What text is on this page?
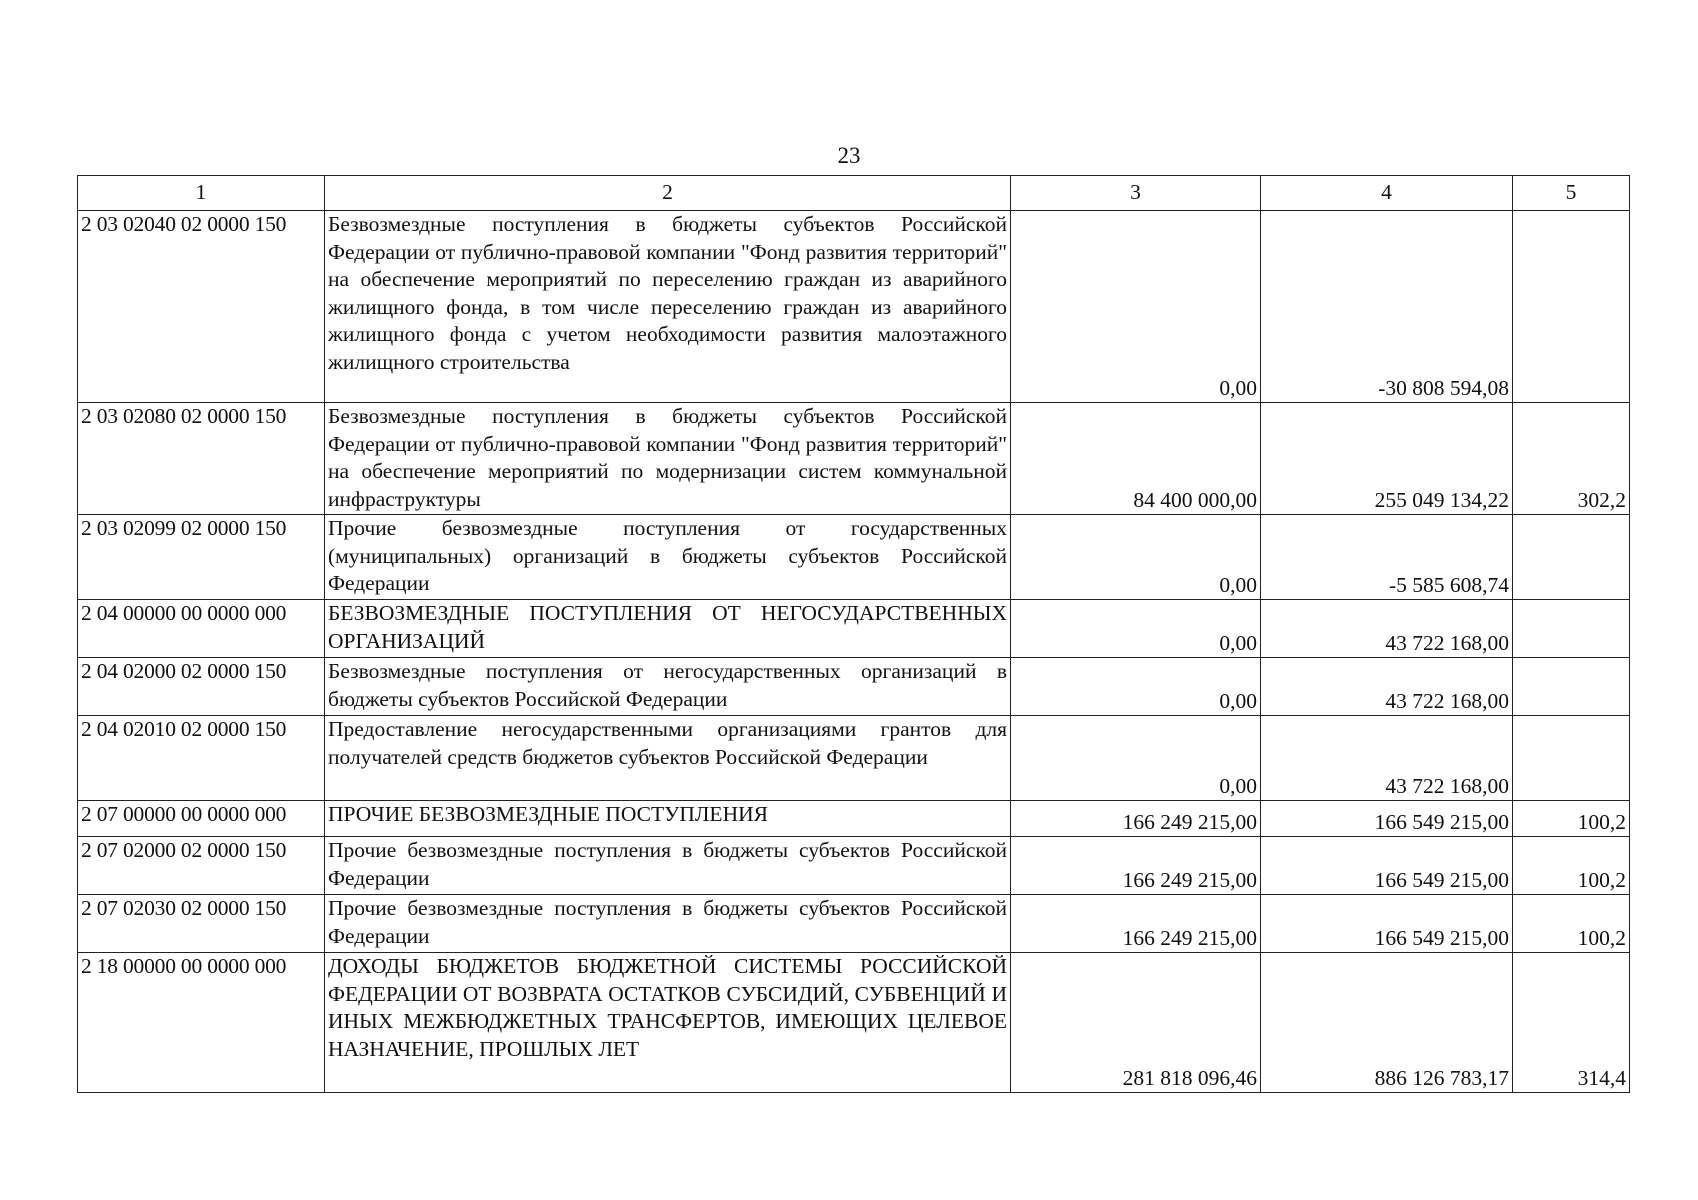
23
1	2	3	4	5
2 03 02040 02 0000 150	Безвозмездные поступления в бюджеты субъектов Российской Федерации от публично-правовой компании "Фонд развития территорий" на обеспечение мероприятий по переселению граждан из аварийного жилищного фонда, в том числе переселению граждан из аварийного жилищного фонда с учетом необходимости развития малоэтажного жилищного строительства	0,00	-30 808 594,08	
2 03 02080 02 0000 150	Безвозмездные поступления в бюджеты субъектов Российской Федерации от публично-правовой компании "Фонд развития территорий" на обеспечение мероприятий по модернизации систем коммунальной инфраструктуры	84 400 000,00	255 049 134,22	302,2
2 03 02099 02 0000 150	Прочие безвозмездные поступления от государственных (муниципальных) организаций в бюджеты субъектов Российской Федерации	0,00	-5 585 608,74	
2 04 00000 00 0000 000	БЕЗВОЗМЕЗДНЫЕ ПОСТУПЛЕНИЯ ОТ НЕГОСУДАРСТВЕННЫХ ОРГАНИЗАЦИЙ	0,00	43 722 168,00	
2 04 02000 02 0000 150	Безвозмездные поступления от негосударственных организаций в бюджеты субъектов Российской Федерации	0,00	43 722 168,00	
2 04 02010 02 0000 150	Предоставление негосударственными организациями грантов для получателей средств бюджетов субъектов Российской Федерации	0,00	43 722 168,00	
2 07 00000 00 0000 000	ПРОЧИЕ БЕЗВОЗМЕЗДНЫЕ ПОСТУПЛЕНИЯ	166 249 215,00	166 549 215,00	100,2
2 07 02000 02 0000 150	Прочие безвозмездные поступления в бюджеты субъектов Российской Федерации	166 249 215,00	166 549 215,00	100,2
2 07 02030 02 0000 150	Прочие безвозмездные поступления в бюджеты субъектов Российской Федерации	166 249 215,00	166 549 215,00	100,2
2 18 00000 00 0000 000	ДОХОДЫ БЮДЖЕТОВ БЮДЖЕТНОЙ СИСТЕМЫ РОССИЙСКОЙ ФЕДЕРАЦИИ ОТ ВОЗВРАТА ОСТАТКОВ СУБСИДИЙ, СУБВЕНЦИЙ И ИНЫХ МЕЖБЮДЖЕТНЫХ ТРАНСФЕРТОВ, ИМЕЮЩИХ ЦЕЛЕВОЕ НАЗНАЧЕНИЕ, ПРОШЛЫХ ЛЕТ	281 818 096,46	886 126 783,17	314,4
